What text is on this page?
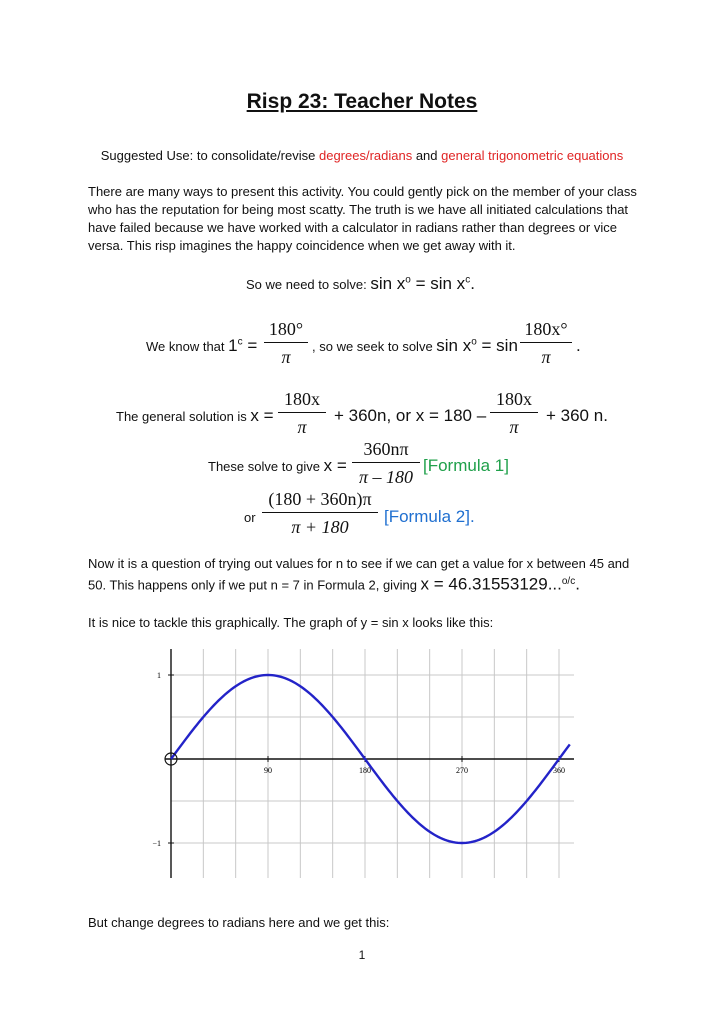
Risp 23: Teacher Notes
Suggested Use: to consolidate/revise degrees/radians and general trigonometric equations
There are many ways to present this activity. You could gently pick on the member of your class who has the reputation for being most scatty. The truth is we have all initiated calculations that have failed because we have worked with a calculator in radians rather than degrees or vice versa. This risp imagines the happy coincidence when we get away with it.
So we need to solve: $\sin x^o = \sin x^c$.
We know that $1^c$ =
180°
π
, so we seek to solve $\sin x^o = \sin$
180x°
π
.
The general solution is x =
180x
π
+ 360n, or x = 180 –
180x
π
+ 360 n.
These solve to give x =
360nπ
π – 180
[Formula 1]
or
(180 + 360n)π
π + 180
[Formula 2].
Now it is a question of trying out values for n to see if we can get a value for x between 45 and 50. This happens only if we put n = 7 in Formula 2, giving x = 46.31553129...$^{o/c}$.
It is nice to tackle this graphically. The graph of y = sin x looks like this:
90	180	270	360
1
−1
But change degrees to radians here and we get this:
1
